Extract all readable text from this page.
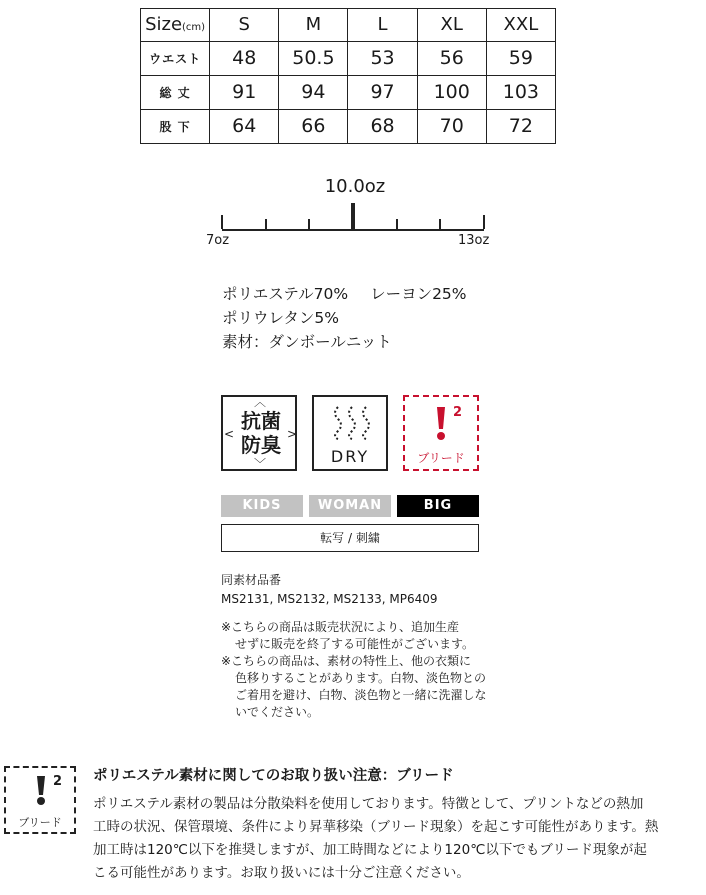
Size(cm)	S	M	L	XL	XXL
ウエスト	48	50.5	53	56	59
総 丈	91	94	97	100	103
股 下	64	66	68	70	72
10.0oz
7oz	13oz
ポリエステル70% レーヨン25%
ポリウレタン5%
素材：ダンボールニット
︿
<	>
﹀
抗菌
防臭	DRY
2
ブリード
KIDS	WOMAN	BIG
転写 / 刺繍
同素材品番
MS2131, MS2132, MS2133, MP6409
※こちらの商品は販売状況により、追加生産
せずに販売を終了する可能性がございます。
※こちらの商品は、素材の特性上、他の衣類に
色移りすることがあります。白物、淡色物との
ご着用を避け、白物、淡色物と一緒に洗濯しな
いでください。
2
ブリード
ポリエステル素材に関してのお取り扱い注意：ブリード
ポリエステル素材の製品は分散染料を使用しております。特徴として、プリントなどの熱加
工時の状況、保管環境、条件により昇華移染（ブリード現象）を起こす可能性があります。熱
加工時は120℃以下を推奨しますが、加工時間などにより120℃以下でもブリード現象が起
こる可能性があります。お取り扱いには十分ご注意ください。
